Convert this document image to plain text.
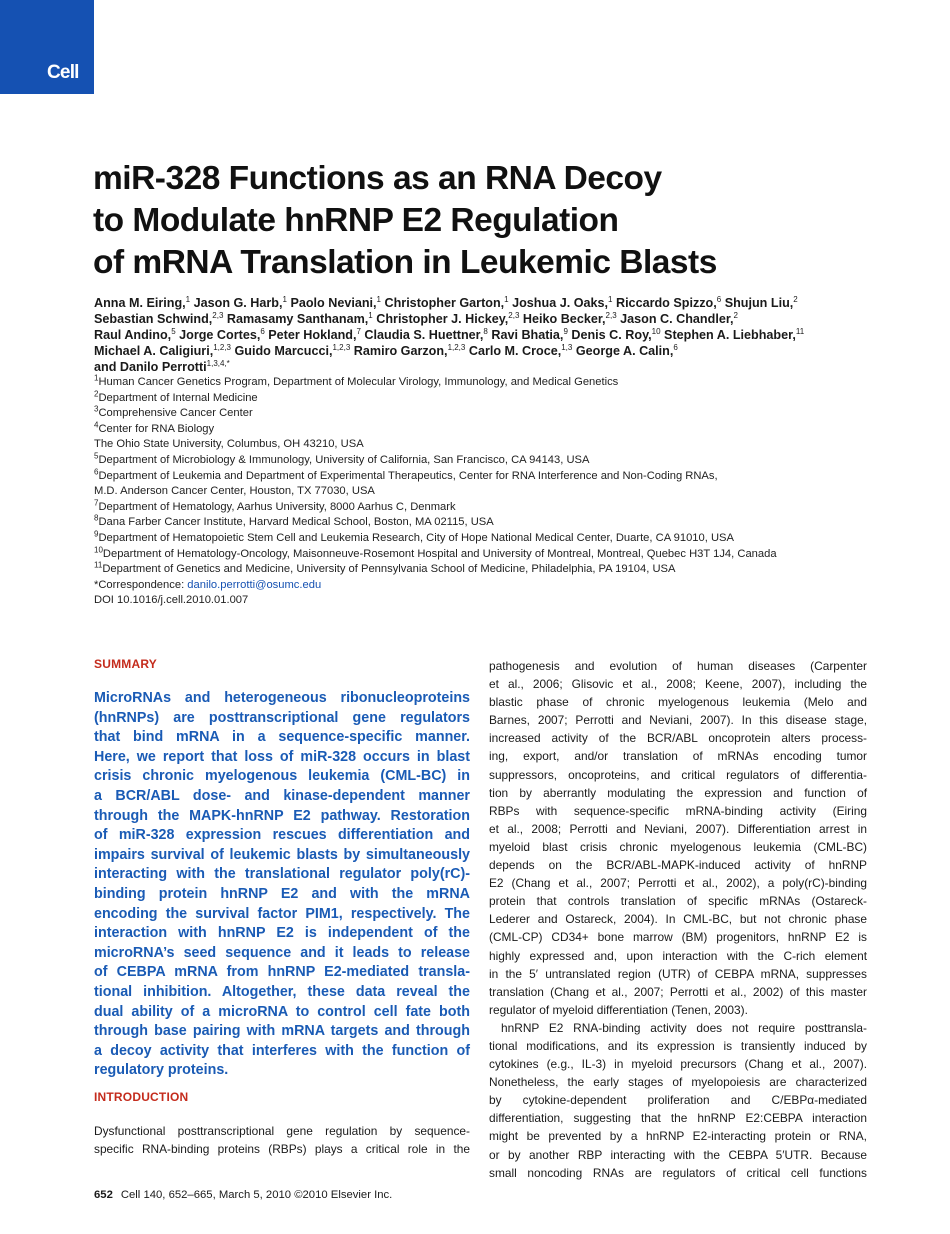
Cell
miR-328 Functions as an RNA Decoy
to Modulate hnRNP E2 Regulation
of mRNA Translation in Leukemic Blasts
Anna M. Eiring,$^1$ Jason G. Harb,$^1$ Paolo Neviani,$^1$ Christopher Garton,$^1$ Joshua J. Oaks,$^1$ Riccardo Spizzo,$^6$ Shujun Liu,$^2$
Sebastian Schwind,$^{2,3}$ Ramasamy Santhanam,$^1$ Christopher J. Hickey,$^{2,3}$ Heiko Becker,$^{2,3}$ Jason C. Chandler,$^2$
Raul Andino,$^5$ Jorge Cortes,$^6$ Peter Hokland,$^7$ Claudia S. Huettner,$^8$ Ravi Bhatia,$^9$ Denis C. Roy,$^{10}$ Stephen A. Liebhaber,$^{11}$
Michael A. Caligiuri,$^{1,2,3}$ Guido Marcucci,$^{1,2,3}$ Ramiro Garzon,$^{1,2,3}$ Carlo M. Croce,$^{1,3}$ George A. Calin,$^6$
and Danilo Perrotti$^{1,3,4,*}$
$^1$Human Cancer Genetics Program, Department of Molecular Virology, Immunology, and Medical Genetics
$^2$Department of Internal Medicine
$^3$Comprehensive Cancer Center
$^4$Center for RNA Biology
The Ohio State University, Columbus, OH 43210, USA
$^5$Department of Microbiology & Immunology, University of California, San Francisco, CA 94143, USA
$^6$Department of Leukemia and Department of Experimental Therapeutics, Center for RNA Interference and Non-Coding RNAs,
M.D. Anderson Cancer Center, Houston, TX 77030, USA
$^7$Department of Hematology, Aarhus University, 8000 Aarhus C, Denmark
$^8$Dana Farber Cancer Institute, Harvard Medical School, Boston, MA 02115, USA
$^9$Department of Hematopoietic Stem Cell and Leukemia Research, City of Hope National Medical Center, Duarte, CA 91010, USA
$^{10}$Department of Hematology-Oncology, Maisonneuve-Rosemont Hospital and University of Montreal, Montreal, Quebec H3T 1J4, Canada
$^{11}$Department of Genetics and Medicine, University of Pennsylvania School of Medicine, Philadelphia, PA 19104, USA
*Correspondence: danilo.perrotti@osumc.edu
DOI 10.1016/j.cell.2010.01.007
SUMMARY
MicroRNAs and heterogeneous ribonucleoproteins
(hnRNPs) are posttranscriptional gene regulators
that bind mRNA in a sequence-specific manner.
Here, we report that loss of miR-328 occurs in blast
crisis chronic myelogenous leukemia (CML-BC) in
a BCR/ABL dose- and kinase-dependent manner
through the MAPK-hnRNP E2 pathway. Restoration
of miR-328 expression rescues differentiation and
impairs survival of leukemic blasts by simultaneously
interacting with the translational regulator poly(rC)-
binding protein hnRNP E2 and with the mRNA
encoding the survival factor PIM1, respectively. The
interaction with hnRNP E2 is independent of the
microRNA’s seed sequence and it leads to release
of CEBPA mRNA from hnRNP E2-mediated transla-
tional inhibition. Altogether, these data reveal the
dual ability of a microRNA to control cell fate both
through base pairing with mRNA targets and through
a decoy activity that interferes with the function of
regulatory proteins.
INTRODUCTION
Dysfunctional posttranscriptional gene regulation by sequence-
specific RNA-binding proteins (RBPs) plays a critical role in the
pathogenesis and evolution of human diseases (Carpenter
et al., 2006; Glisovic et al., 2008; Keene, 2007), including the
blastic phase of chronic myelogenous leukemia (Melo and
Barnes, 2007; Perrotti and Neviani, 2007). In this disease stage,
increased activity of the BCR/ABL oncoprotein alters process-
ing, export, and/or translation of mRNAs encoding tumor
suppressors, oncoproteins, and critical regulators of differentia-
tion by aberrantly modulating the expression and function of
RBPs with sequence-specific mRNA-binding activity (Eiring
et al., 2008; Perrotti and Neviani, 2007). Differentiation arrest in
myeloid blast crisis chronic myelogenous leukemia (CML-BC)
depends on the BCR/ABL-MAPK-induced activity of hnRNP
E2 (Chang et al., 2007; Perrotti et al., 2002), a poly(rC)-binding
protein that controls translation of specific mRNAs (Ostareck-
Lederer and Ostareck, 2004). In CML-BC, but not chronic phase
(CML-CP) CD34+ bone marrow (BM) progenitors, hnRNP E2 is
highly expressed and, upon interaction with the C-rich element
in the 5′ untranslated region (UTR) of CEBPA mRNA, suppresses
translation (Chang et al., 2007; Perrotti et al., 2002) of this master
regulator of myeloid differentiation (Tenen, 2003).
hnRNP E2 RNA-binding activity does not require posttransla-
tional modifications, and its expression is transiently induced by
cytokines (e.g., IL-3) in myeloid precursors (Chang et al., 2007).
Nonetheless, the early stages of myelopoiesis are characterized
by cytokine-dependent proliferation and C/EBPα-mediated
differentiation, suggesting that the hnRNP E2:CEBPA interaction
might be prevented by a hnRNP E2-interacting protein or RNA,
or by another RBP interacting with the CEBPA 5′UTR. Because
small noncoding RNAs are regulators of critical cell functions
652 Cell 140, 652–665, March 5, 2010 ©2010 Elsevier Inc.
